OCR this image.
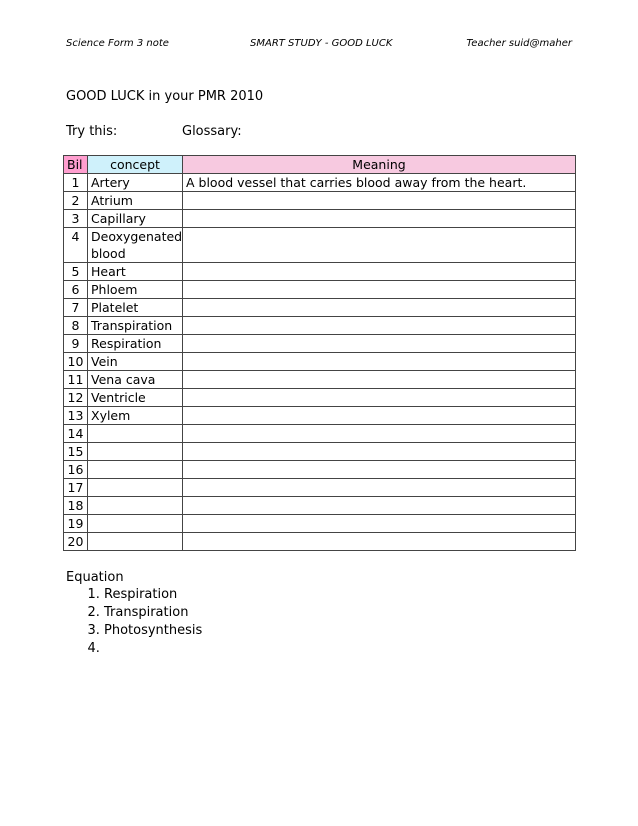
Science Form 3 note	SMART STUDY - GOOD LUCK	Teacher suid@maher
GOOD LUCK in your PMR 2010
Try this:	Glossary:
Bil	concept	Meaning
1	Artery	A blood vessel that carries blood away from the heart.
2	Atrium	
3	Capillary	
4	Deoxygenated blood	
5	Heart	
6	Phloem	
7	Platelet	
8	Transpiration	
9	Respiration	
10	Vein	
11	Vena cava	
12	Ventricle	
13	Xylem	
14		
15		
16		
17		
18		
19		
20		
Equation
1. Respiration
2. Transpiration
3. Photosynthesis
4.
